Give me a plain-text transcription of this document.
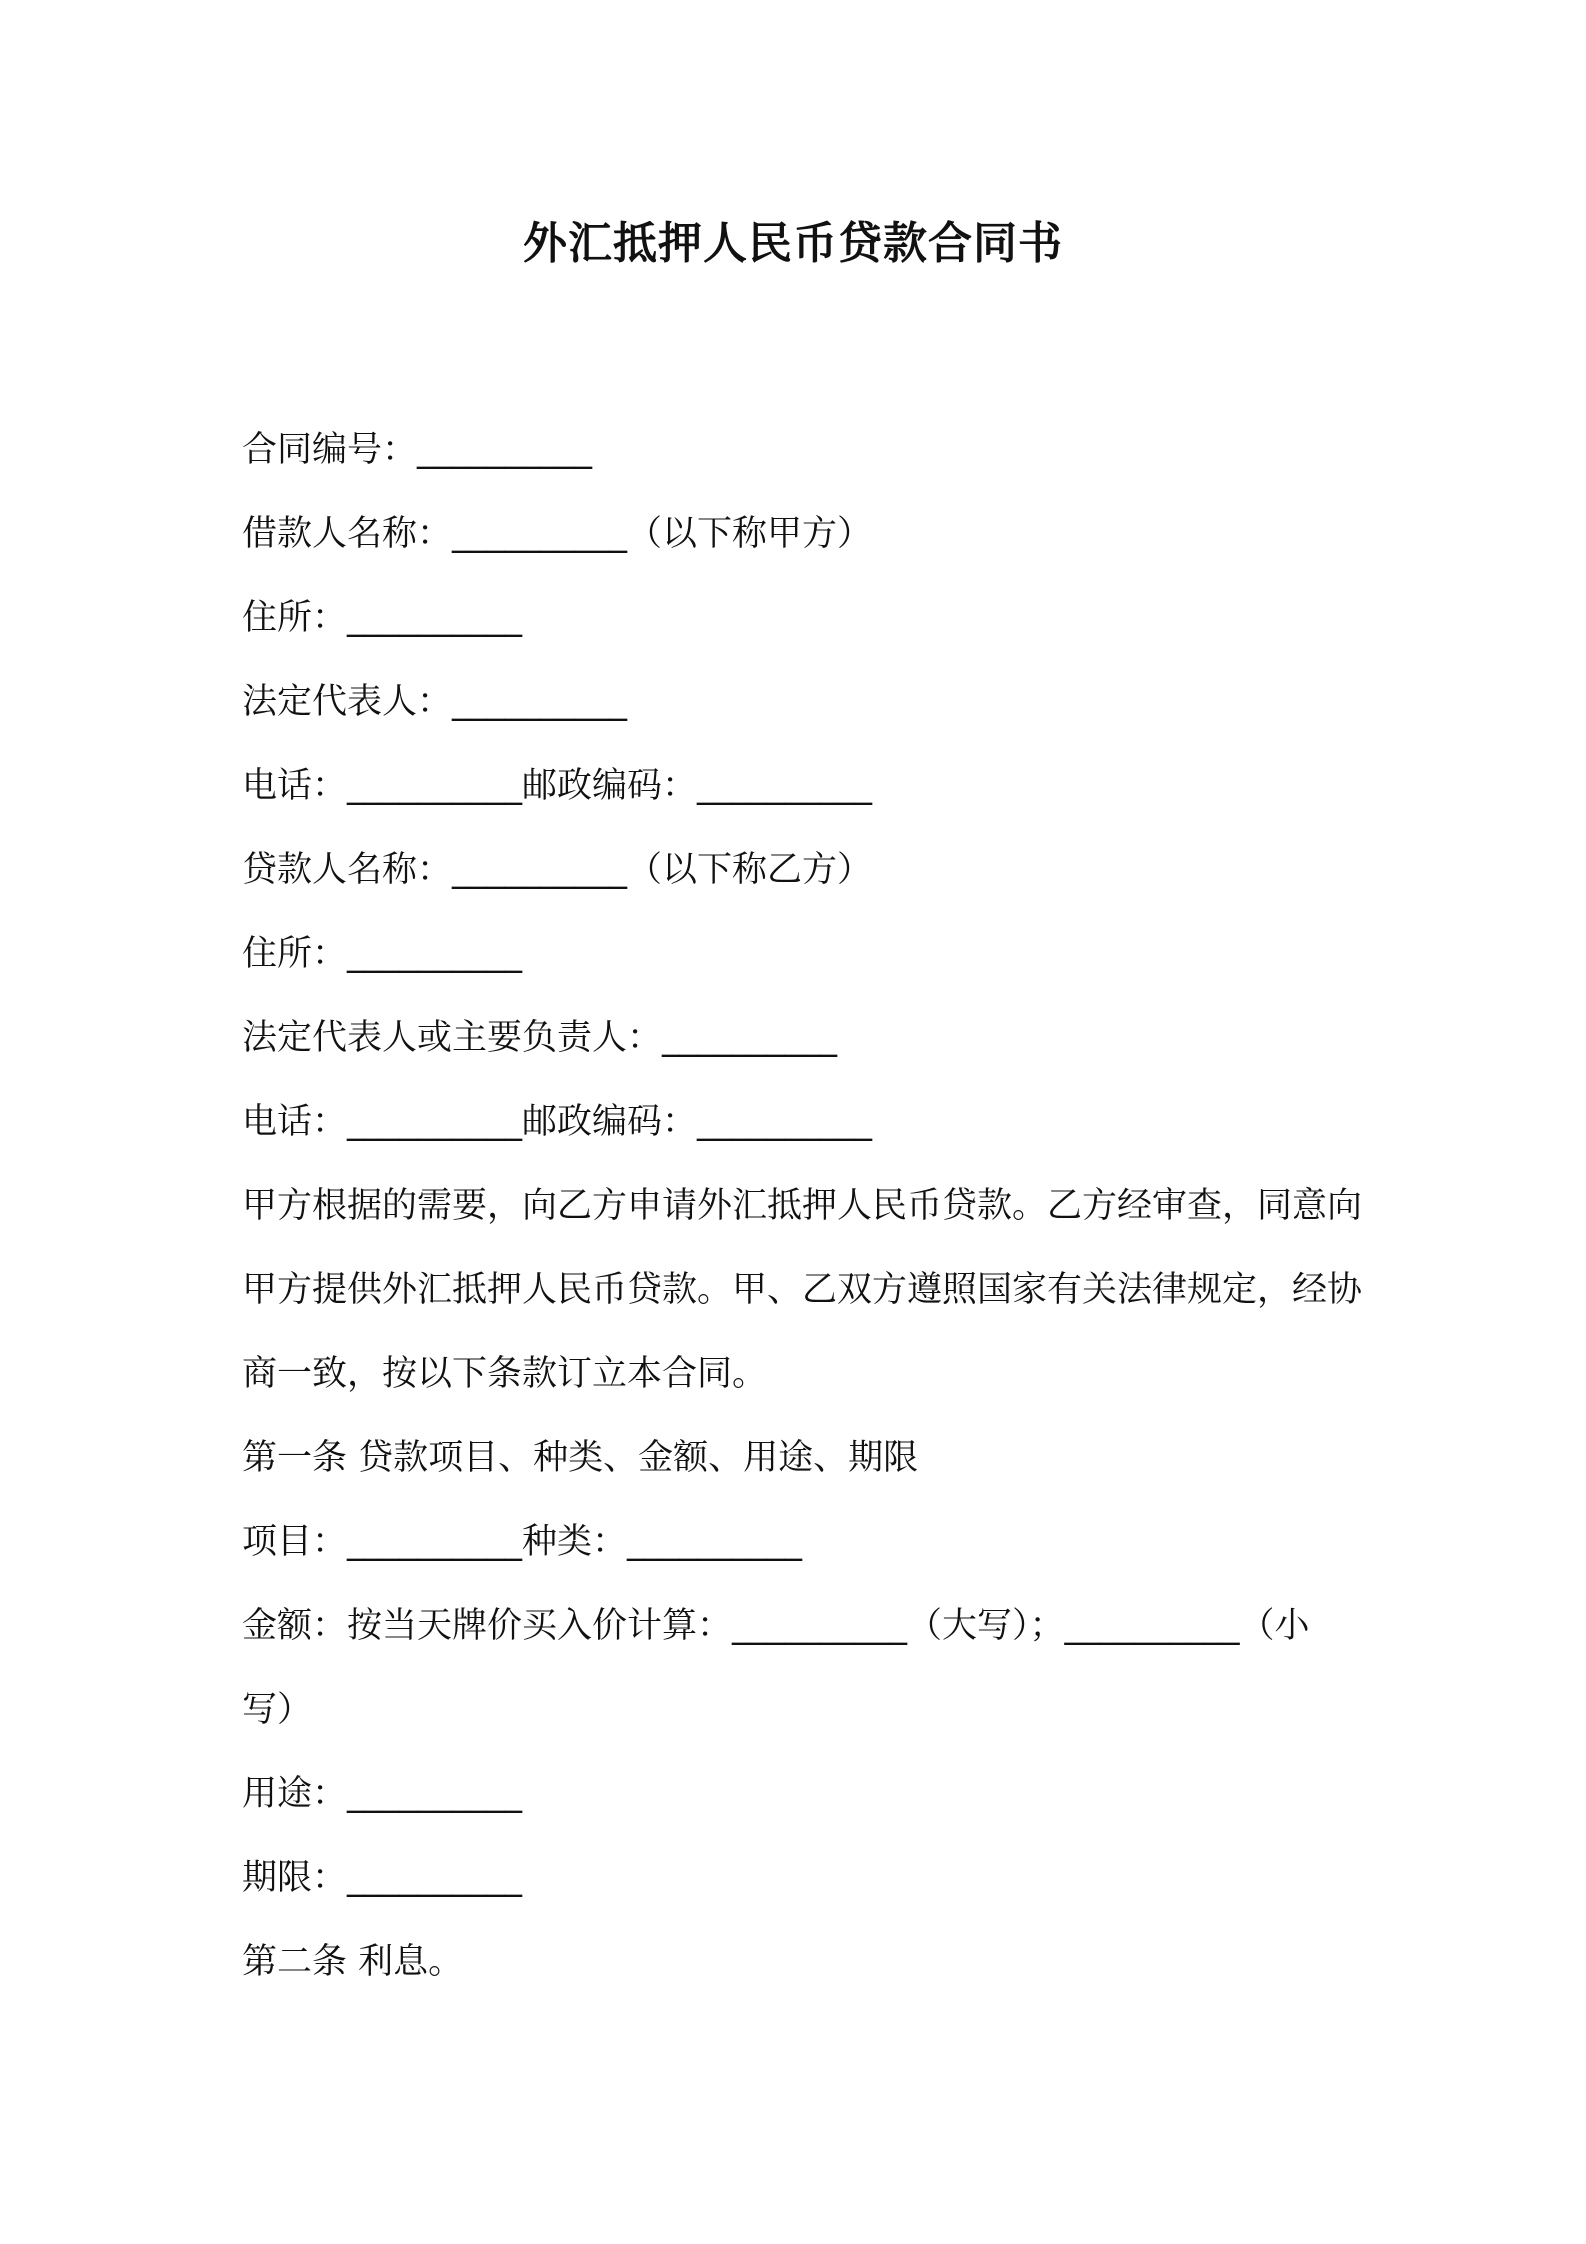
外汇抵押人民币贷款合同书
合同编号：__________
借款人名称：__________（以下称甲方）
住所：__________
法定代表人：__________
电话：__________邮政编码：__________
贷款人名称：__________（以下称乙方）
住所：__________
法定代表人或主要负责人：__________
电话：__________邮政编码：__________
甲方根据的需要，向乙方申请外汇抵押人民币贷款。乙方经审查，同意向甲方提供外汇抵押人民币贷款。甲、乙双方遵照国家有关法律规定，经协商一致，按以下条款订立本合同。
第一条 贷款项目、种类、金额、用途、期限
项目：__________种类：__________
金额：按当天牌价买入价计算：__________（大写）；__________（小写）
用途：__________
期限：__________
第二条 利息。
